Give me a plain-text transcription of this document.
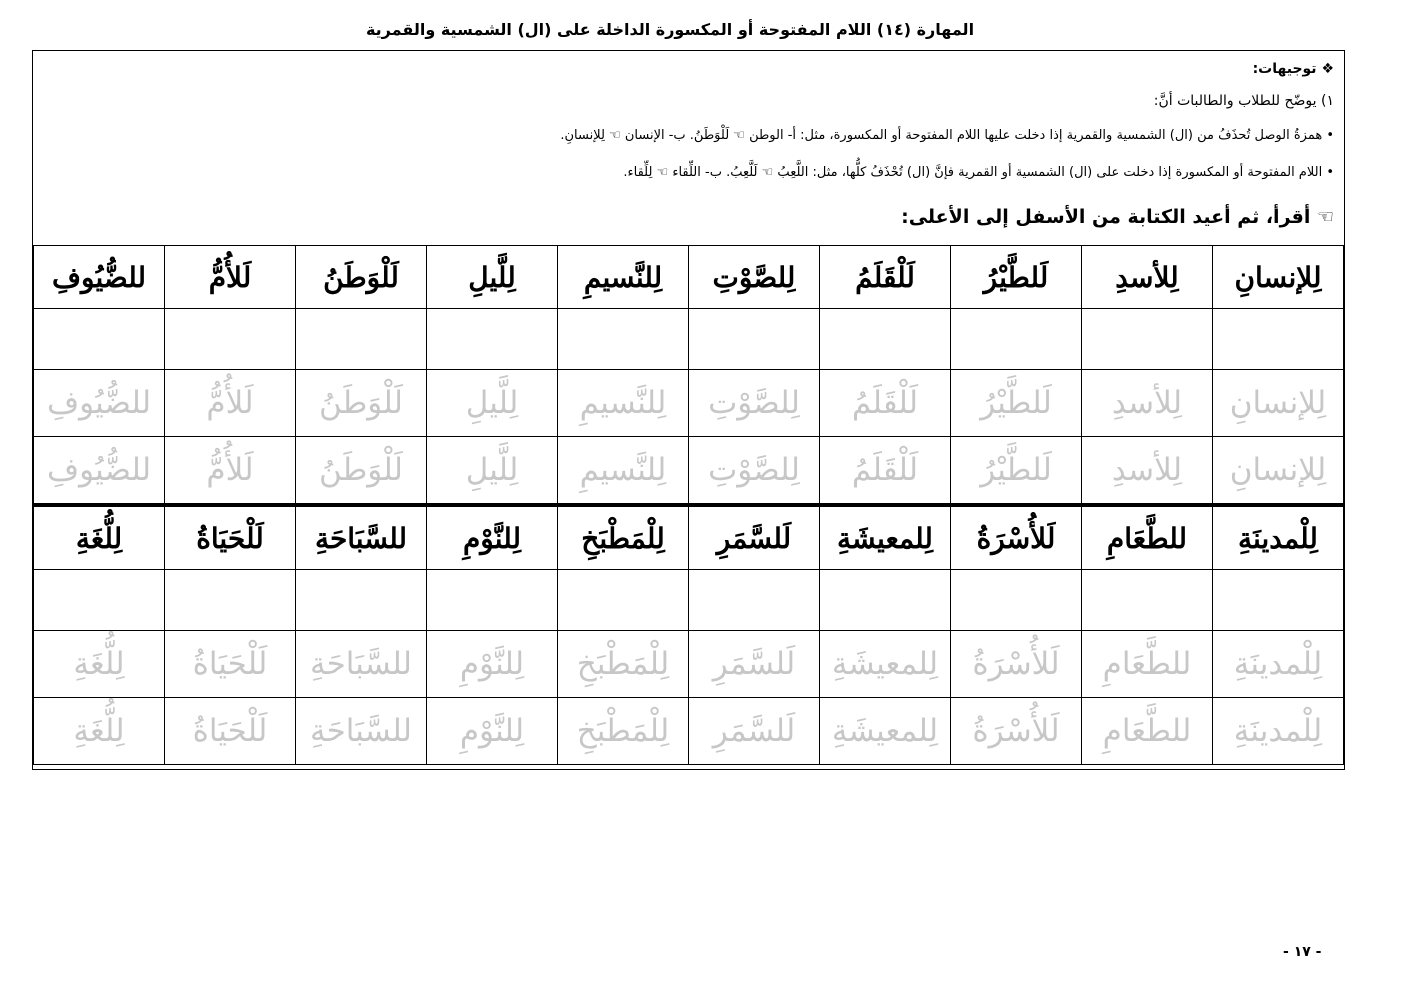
المهارة (١٤) اللام المفتوحة أو المكسورة الداخلة على (ال) الشمسية والقمرية
❖ توجيهات:
١) يوضّح للطلاب والطالبات أنَّ:
• همزةُ الوصل تُحذَفُ من (ال) الشمسية والقمرية إذا دخلت عليها اللام المفتوحة أو المكسورة، مثل: أ- الوطن ☜ لَلْوَطَنُ. ب- الإنسان ☜ لِلإنسانِ.
• اللام المفتوحة أو المكسورة إذا دخلت على (ال) الشمسية أو القمرية فإنَّ (ال) تُحْذَفُ كلُّها، مثل: اللَّعِبُ ☜ لَلَّعِبُ. ب- اللِّقاء ☜ لِلِّقاء.
☜ أقرأ، ثم أعيد الكتابة من الأسفل إلى الأعلى:
لِلإنسانِ	لِلأسدِ	لَلطَّيْرُ	لَلْقَلَمُ	لِلصَّوْتِ	لِلنَّسيمِ	لِلَّيلِ	لَلْوَطَنُ	لَلأُمُّ	للضُّيُوفِ

لِلإنسانِ	لِلأسدِ	لَلطَّيْرُ	لَلْقَلَمُ	لِلصَّوْتِ	لِلنَّسيمِ	لِلَّيلِ	لَلْوَطَنُ	لَلأُمُّ	للضُّيُوفِ
لِلإنسانِ	لِلأسدِ	لَلطَّيْرُ	لَلْقَلَمُ	لِلصَّوْتِ	لِلنَّسيمِ	لِلَّيلِ	لَلْوَطَنُ	لَلأُمُّ	للضُّيُوفِ
لِلْمدينَةِ	للطَّعَامِ	لَلأُسْرَةُ	لِلمعيشَةِ	لَلسَّمَرِ	لِلْمَطْبَخِ	لِلنَّوْمِ	للسَّبَاحَةِ	لَلْحَيَاةُ	لِلُّغَةِ

لِلْمدينَةِ	للطَّعَامِ	لَلأُسْرَةُ	لِلمعيشَةِ	لَلسَّمَرِ	لِلْمَطْبَخِ	لِلنَّوْمِ	للسَّبَاحَةِ	لَلْحَيَاةُ	لِلُّغَةِ
لِلْمدينَةِ	للطَّعَامِ	لَلأُسْرَةُ	لِلمعيشَةِ	لَلسَّمَرِ	لِلْمَطْبَخِ	لِلنَّوْمِ	للسَّبَاحَةِ	لَلْحَيَاةُ	لِلُّغَةِ
- ١٧ -
